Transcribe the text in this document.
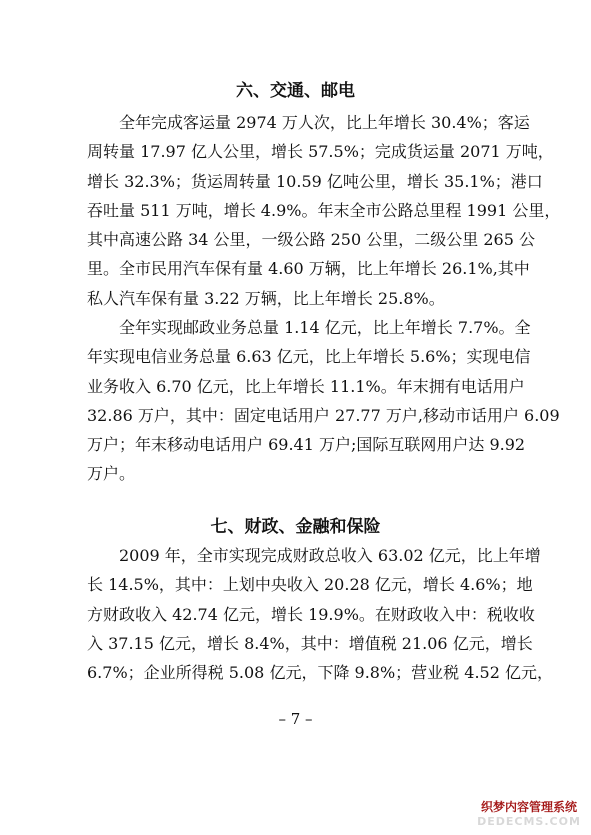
六、交通、邮电
全年完成客运量 2974 万人次，比上年增长 30.4%；客运
周转量 17.97 亿人公里，增长 57.5%；完成货运量 2071 万吨，
增长 32.3%；货运周转量 10.59 亿吨公里，增长 35.1%；港口
吞吐量 511 万吨，增长 4.9%。年末全市公路总里程 1991 公里，
其中高速公路 34 公里，一级公路 250 公里，二级公里 265 公
里。全市民用汽车保有量 4.60 万辆，比上年增长 26.1%,其中
私人汽车保有量 3.22 万辆，比上年增长 25.8%。
全年实现邮政业务总量 1.14 亿元，比上年增长 7.7%。全
年实现电信业务总量 6.63 亿元，比上年增长 5.6%；实现电信
业务收入 6.70 亿元，比上年增长 11.1%。年末拥有电话用户
32.86 万户，其中：固定电话用户 27.77 万户,移动市话用户 6.09
万户；年末移动电话用户 69.41 万户;国际互联网用户达 9.92
万户。
七、财政、金融和保险
2009 年，全市实现完成财政总收入 63.02 亿元，比上年增
长 14.5%，其中：上划中央收入 20.28 亿元，增长 4.6%；地
方财政收入 42.74 亿元，增长 19.9%。在财政收入中：税收收
入 37.15 亿元，增长 8.4%，其中：增值税 21.06 亿元，增长
6.7%；企业所得税 5.08 亿元，下降 9.8%；营业税 4.52 亿元，
– 7 –
织梦内容管理系统
DEDECMS.COM
